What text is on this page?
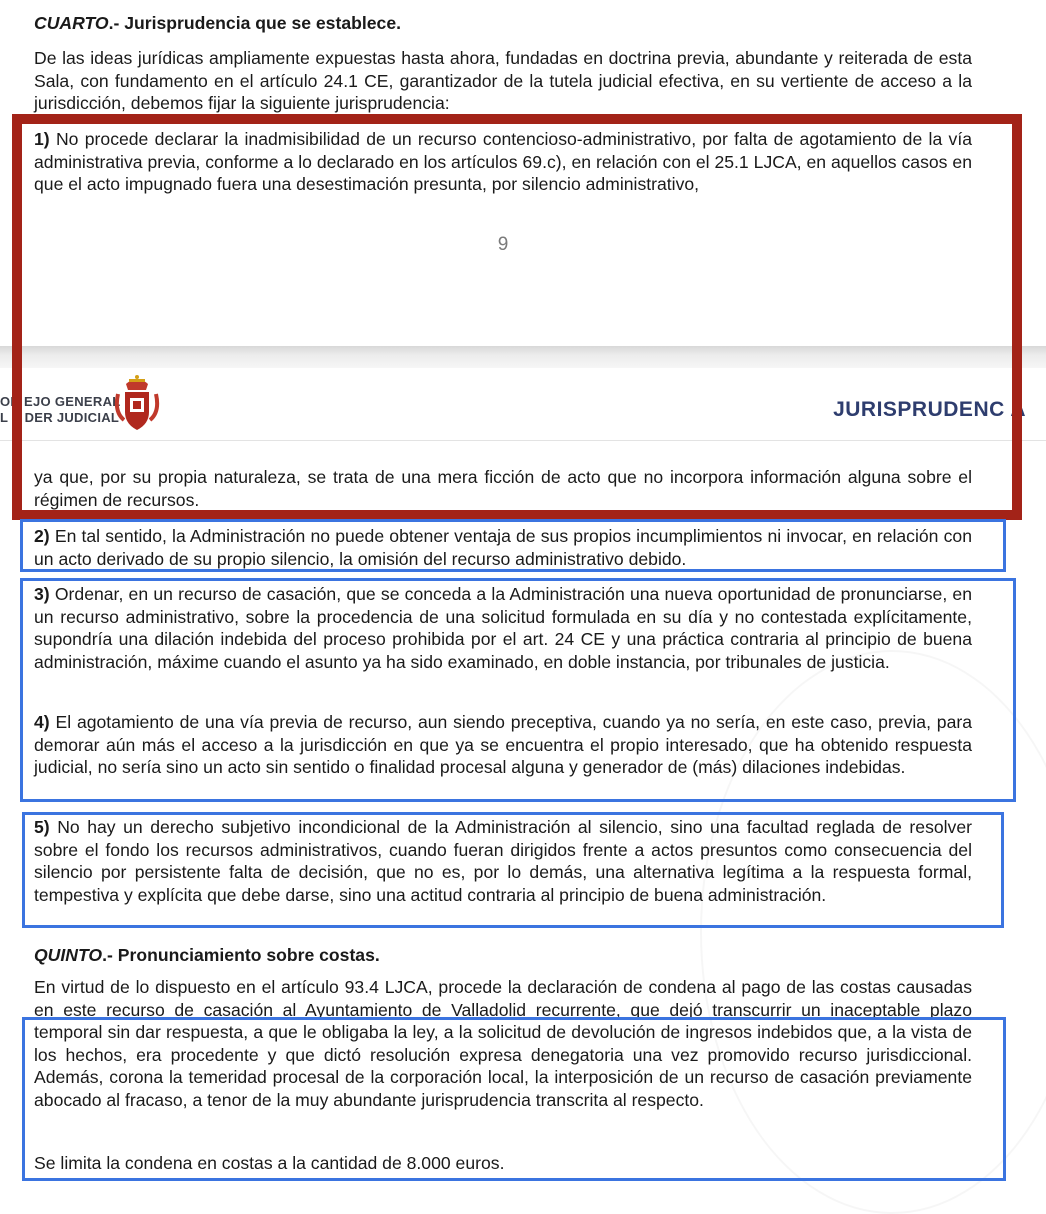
CUARTO.- Jurisprudencia que se establece.

De las ideas jurídicas ampliamente expuestas hasta ahora, fundadas en doctrina previa, abundante y reiterada de esta Sala, con fundamento en el artículo 24.1 CE, garantizador de la tutela judicial efectiva, en su vertiente de acceso a la jurisdicción, debemos fijar la siguiente jurisprudencia:

1) No procede declarar la inadmisibilidad de un recurso contencioso-administrativo, por falta de agotamiento de la vía administrativa previa, conforme a lo declarado en los artículos 69.c), en relación con el 25.1 LJCA, en aquellos casos en que el acto impugnado fuera una desestimación presunta, por silencio administrativo,

9
ON EJO GENERAL
L P DER JUDICIAL	JURISPRUDENC A

ya que, por su propia naturaleza, se trata de una mera ficción de acto que no incorpora información alguna sobre el régimen de recursos.

2) En tal sentido, la Administración no puede obtener ventaja de sus propios incumplimientos ni invocar, en relación con un acto derivado de su propio silencio, la omisión del recurso administrativo debido.

3) Ordenar, en un recurso de casación, que se conceda a la Administración una nueva oportunidad de pronunciarse, en un recurso administrativo, sobre la procedencia de una solicitud formulada en su día y no contestada explícitamente, supondría una dilación indebida del proceso prohibida por el art. 24 CE y una práctica contraria al principio de buena administración, máxime cuando el asunto ya ha sido examinado, en doble instancia, por tribunales de justicia.

4) El agotamiento de una vía previa de recurso, aun siendo preceptiva, cuando ya no sería, en este caso, previa, para demorar aún más el acceso a la jurisdicción en que ya se encuentra el propio interesado, que ha obtenido respuesta judicial, no sería sino un acto sin sentido o finalidad procesal alguna y generador de (más) dilaciones indebidas.

5) No hay un derecho subjetivo incondicional de la Administración al silencio, sino una facultad reglada de resolver sobre el fondo los recursos administrativos, cuando fueran dirigidos frente a actos presuntos como consecuencia del silencio por persistente falta de decisión, que no es, por lo demás, una alternativa legítima a la respuesta formal, tempestiva y explícita que debe darse, sino una actitud contraria al principio de buena administración.

QUINTO.- Pronunciamiento sobre costas.

En virtud de lo dispuesto en el artículo 93.4 LJCA, procede la declaración de condena al pago de las costas causadas en este recurso de casación al Ayuntamiento de Valladolid recurrente, que dejó transcurrir un inaceptable plazo temporal sin dar respuesta, a que le obligaba la ley, a la solicitud de devolución de ingresos indebidos que, a la vista de los hechos, era procedente y que dictó resolución expresa denegatoria una vez promovido recurso jurisdiccional. Además, corona la temeridad procesal de la corporación local, la interposición de un recurso de casación previamente abocado al fracaso, a tenor de la muy abundante jurisprudencia transcrita al respecto.

Se limita la condena en costas a la cantidad de 8.000 euros.
